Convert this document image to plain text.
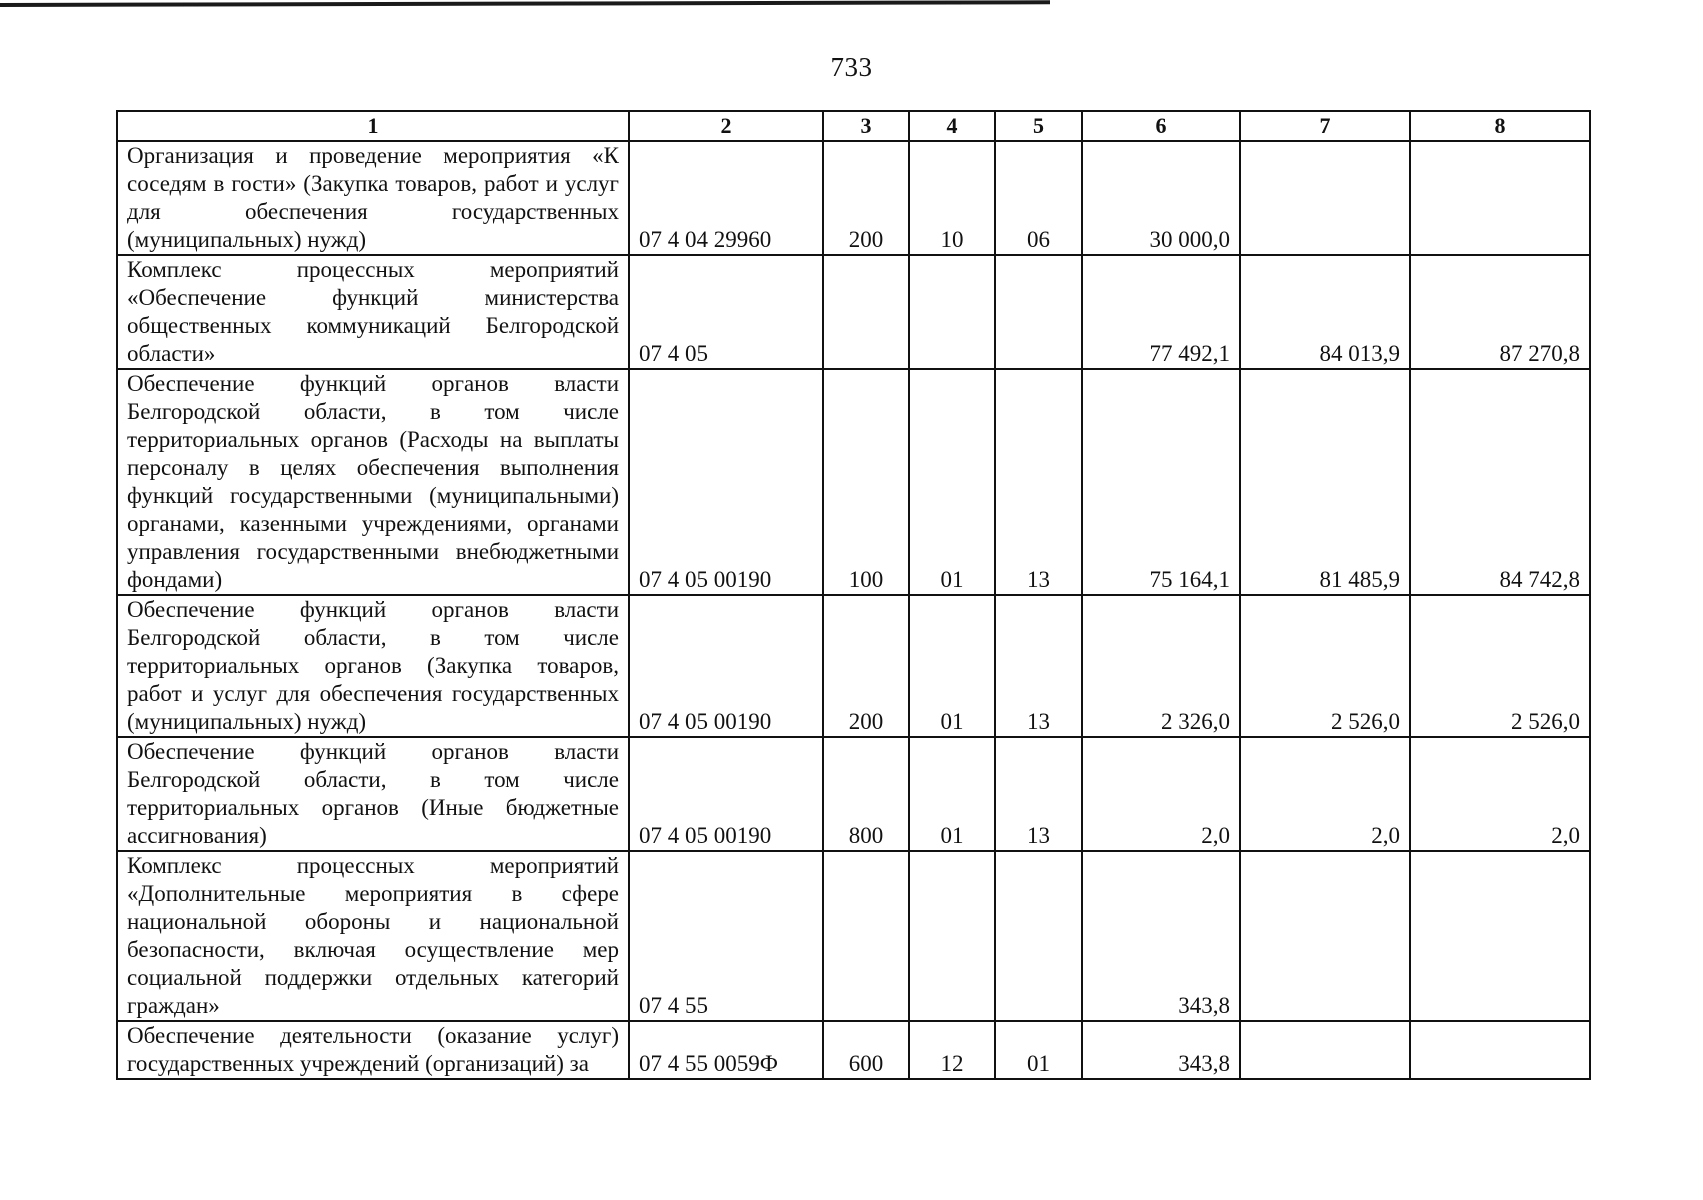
733
1	2	3	4	5	6	7	8
Организация и проведение мероприятия «К соседям в гости» (Закупка товаров, работ и услуг для обеспечения государственных (муниципальных) нужд)	07 4 04 29960	200	10	06	30 000,0		
Комплекс процессных мероприятий «Обеспечение функций министерства общественных коммуникаций Белгородской области»	07 4 05				77 492,1	84 013,9	87 270,8
Обеспечение функций органов власти Белгородской области, в том числе территориальных органов (Расходы на выплаты персоналу в целях обеспечения выполнения функций государственными (муниципальными) органами, казенными учреждениями, органами управления государственными внебюджетными фондами)	07 4 05 00190	100	01	13	75 164,1	81 485,9	84 742,8
Обеспечение функций органов власти Белгородской области, в том числе территориальных органов (Закупка товаров, работ и услуг для обеспечения государственных (муниципальных) нужд)	07 4 05 00190	200	01	13	2 326,0	2 526,0	2 526,0
Обеспечение функций органов власти Белгородской области, в том числе территориальных органов (Иные бюджетные ассигнования)	07 4 05 00190	800	01	13	2,0	2,0	2,0
Комплекс процессных мероприятий «Дополнительные мероприятия в сфере национальной обороны и национальной безопасности, включая осуществление мер социальной поддержки отдельных категорий граждан»	07 4 55				343,8		
Обеспечение деятельности (оказание услуг) государственных учреждений (организаций) за	07 4 55 0059Ф	600	12	01	343,8		
